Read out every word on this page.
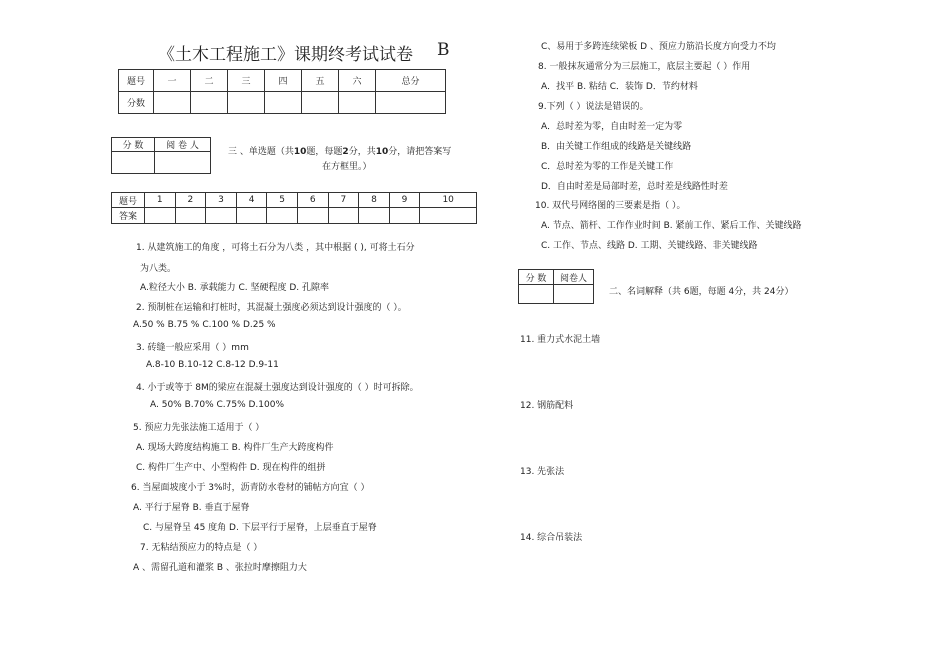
《土木工程施工》课期终考试试卷 B
题号	一	二	三	四	五	六	总分
分数							
分 数	阅 卷 人

三 、单选题（共10题，每题2分，共10分，请把答案写
在方框里。）
题号	1	2	3	4	5	6	7	8	9	10
答案										
1. 从建筑施工的角度 ，可将土石分为八类 ，其中根据 ( ), 可将土石分
为八类。
A.粒径大小 B. 承载能力 C. 坚硬程度 D. 孔隙率
2. 预制桩在运输和打桩时，其混凝土强度必须达到设计强度的（ ）。
A.50 % B.75 % C.100 % D.25 %
3. 砖缝一般应采用（ ）mm
A.8-10 B.10-12 C.8-12 D.9-11
4. 小于或等于 8M的梁应在混凝土强度达到设计强度的（ ）时可拆除。
A. 50% B.70% C.75% D.100%
5. 预应力先张法施工适用于（ ）
A. 现场大跨度结构施工 B. 构件厂生产大跨度构件
C. 构件厂生产中、小型构件 D. 现在构件的组拼
6. 当屋面坡度小于 3%时，沥青防水卷材的铺帖方向宜（ ）
A. 平行于屋脊 B. 垂直于屋脊
C. 与屋脊呈 45 度角 D. 下层平行于屋脊，上层垂直于屋脊
7. 无粘结预应力的特点是（ ）
A 、需留孔道和灌浆 B 、张拉时摩擦阻力大
C、易用于多跨连续梁板 D 、预应力筋沿长度方向受力不均
8. 一般抹灰通常分为三层施工，底层主要起（ ）作用
A．找平 B. 粘结 C．装饰 D．节约材料
9.下列（ ）说法是错误的。
A．总时差为零，自由时差一定为零
B．由关键工作组成的线路是关键线路
C．总时差为零的工作是关键工作
D．自由时差是局部时差，总时差是线路性时差
10. 双代号网络图的三要素是指（ ）。
A. 节点、箭杆、工作作业时间 B. 紧前工作、紧后工作、关键线路
C. 工作、节点、线路 D. 工期、关键线路、非关键线路
分 数	阅卷人

二、名词解释（共 6题，每题 4分，共 24分）
11. 重力式水泥土墙
12. 钢筋配料
13. 先张法
14. 综合吊装法
